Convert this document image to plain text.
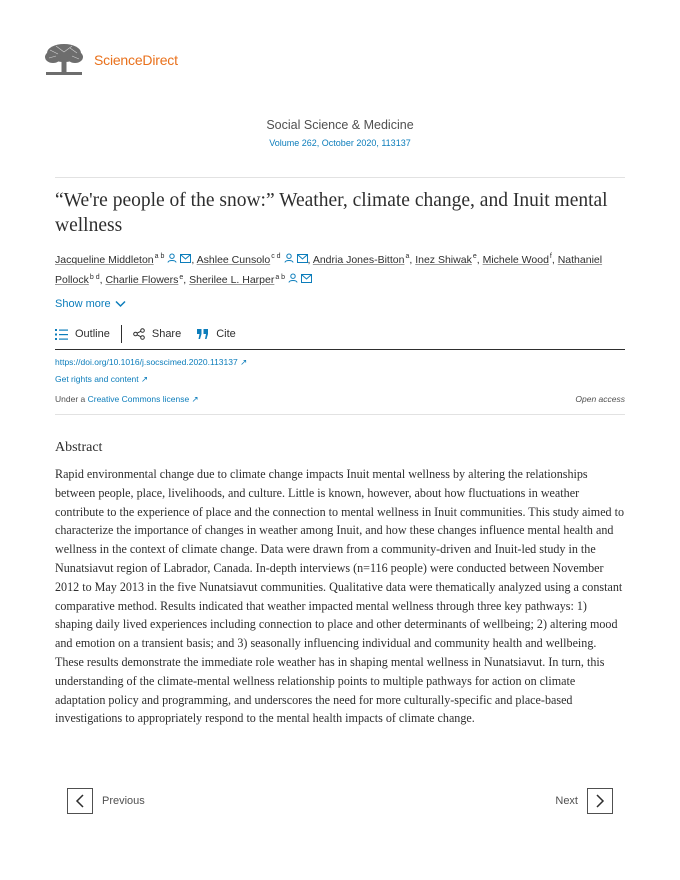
ScienceDirect
Social Science & Medicine
Volume 262, October 2020, 113137
“We're people of the snow:” Weather, climate change, and Inuit mental wellness
Jacqueline Middleton$^{a b}$	, Ashlee Cunsolo$^{c d}$	, Andria Jones-Bitton$^a$, Inez Shiwak$^e$, Michele Wood$^f$, Nathaniel Pollock$^{b d}$, Charlie Flowers$^e$, Sherilee L. Harper$^{a b}$
Show more
Outline	Share	Cite
https://doi.org/10.1016/j.socscimed.2020.113137 ↗
Get rights and content ↗
Under a Creative Commons license ↗	Open access
Abstract

Rapid environmental change due to climate change impacts Inuit mental wellness by altering the relationships between people, place, livelihoods, and culture. Little is known, however, about how fluctuations in weather contribute to the experience of place and the connection to mental wellness in Inuit communities. This study aimed to characterize the importance of changes in weather among Inuit, and how these changes influence mental health and wellness in the context of climate change. Data were drawn from a community-driven and Inuit-led study in the Nunatsiavut region of Labrador, Canada. In-depth interviews (n=116 people) were conducted between November 2012 to May 2013 in the five Nunatsiavut communities. Qualitative data were thematically analyzed using a constant comparative method. Results indicated that weather impacted mental wellness through three key pathways: 1) shaping daily lived experiences including connection to place and other determinants of wellbeing; 2) altering mood and emotion on a transient basis; and 3) seasonally influencing individual and community health and wellbeing. These results demonstrate the immediate role weather has in shaping mental wellness in Nunatsiavut. In turn, this understanding of the climate-mental wellness relationship points to multiple pathways for action on climate adaptation policy and programming, and underscores the need for more culturally-specific and place-based investigations to appropriately respond to the mental health impacts of climate change.

Previous	Next
